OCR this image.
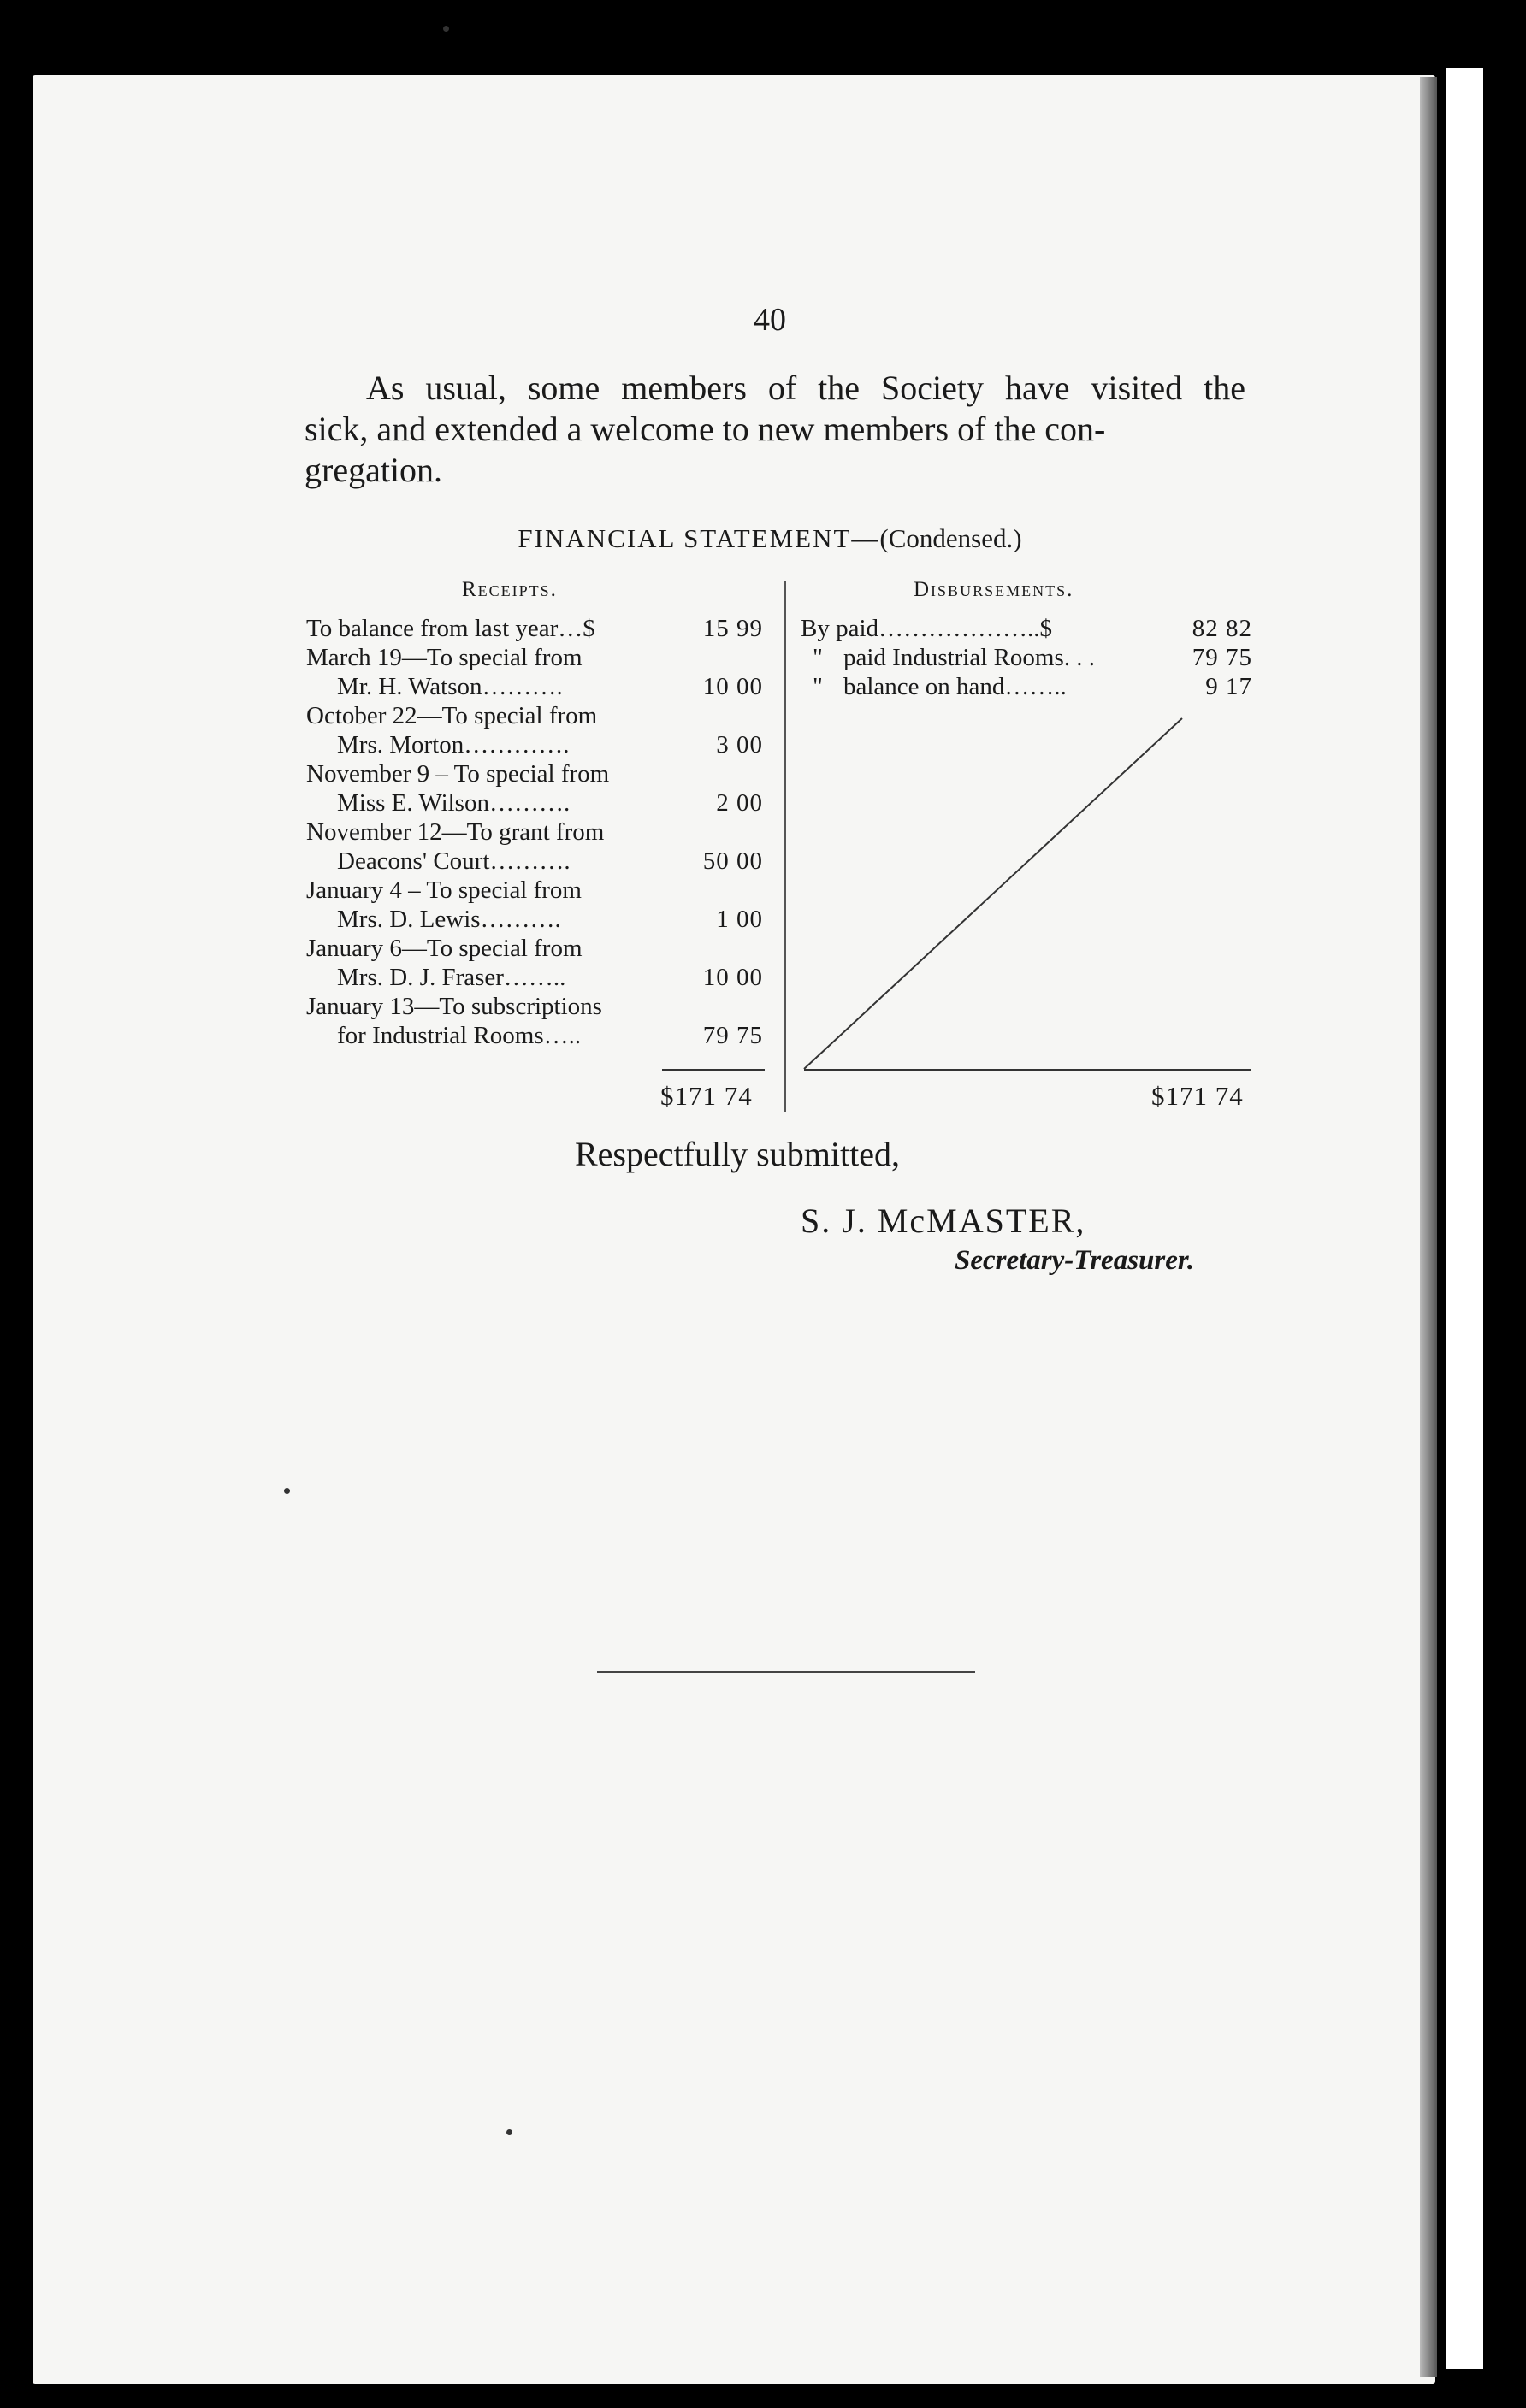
40
As usual, some members of the Society have visited the
sick, and extended a welcome to new members of the con-
gregation.
FINANCIAL STATEMENT—(Condensed.)
Receipts.	Disbursements.
To balance from last year…$	15 99
March 19—To special from
Mr. H. Watson……….	10 00
October 22—To special from
Mrs. Morton………….	3 00
November 9 – To special from
Miss E. Wilson……….	2 00
November 12—To grant from
Deacons' Court……….	50 00
January 4 – To special from
Mrs. D. Lewis……….	1 00
January 6—To special from
Mrs. D. J. Fraser……..	10 00
January 13—To subscriptions
for Industrial Rooms…..	79 75
$171 74
By paid………………..$	82 82
" paid Industrial Rooms. . .	79 75
" balance on hand……..	9 17
$171 74
Respectfully submitted,
S. J. McMASTER,
Secretary-Treasurer.
